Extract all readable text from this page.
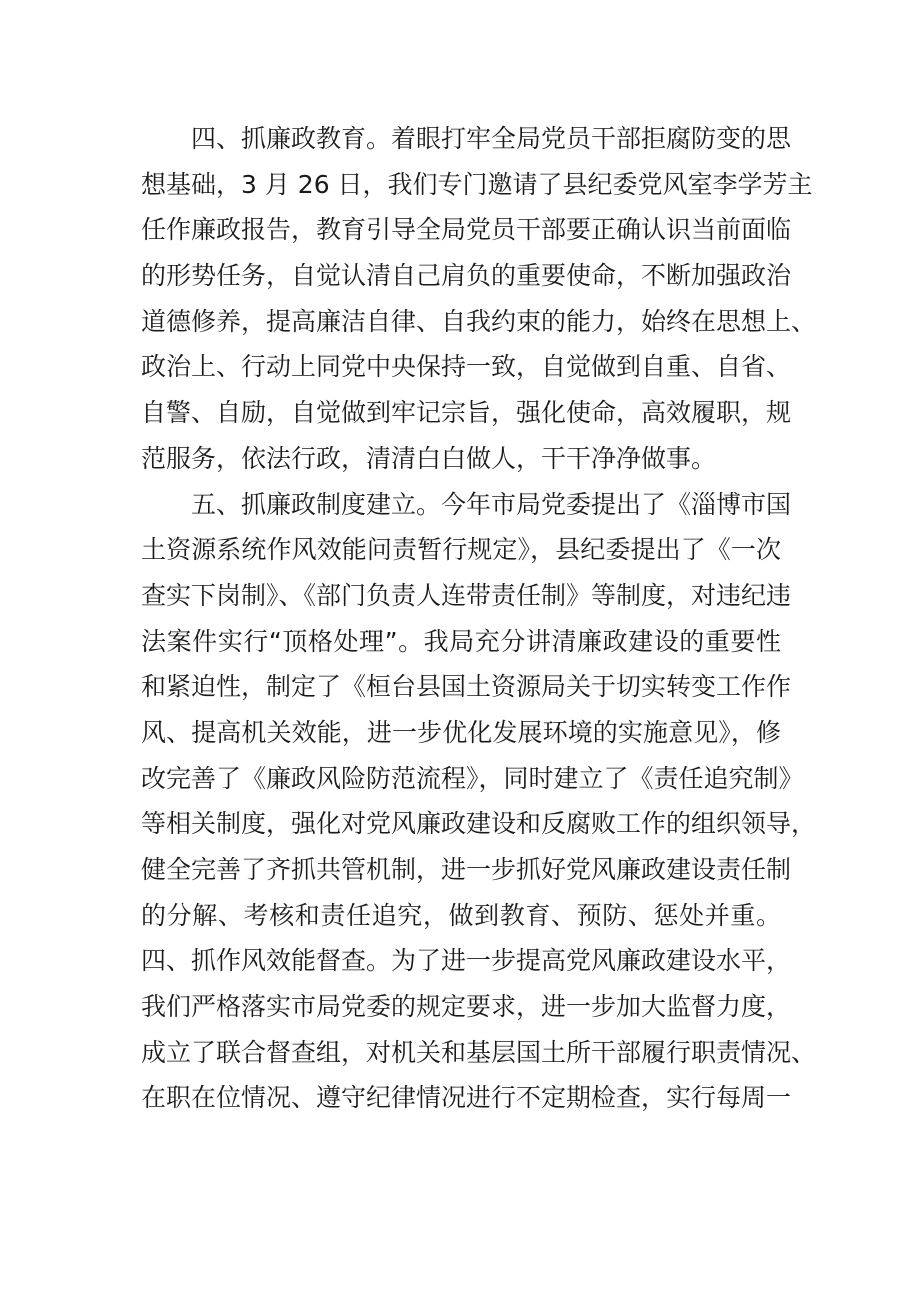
四、抓廉政教育。着眼打牢全局党员干部拒腐防变的思
想基础，3 月 26 日，我们专门邀请了县纪委党风室李学芳主
任作廉政报告，教育引导全局党员干部要正确认识当前面临
的形势任务，自觉认清自己肩负的重要使命，不断加强政治
道德修养，提高廉洁自律、自我约束的能力，始终在思想上、
政治上、行动上同党中央保持一致，自觉做到自重、自省、
自警、自励，自觉做到牢记宗旨，强化使命，高效履职，规
范服务，依法行政，清清白白做人，干干净净做事。
五、抓廉政制度建立。今年市局党委提出了《淄博市国
土资源系统作风效能问责暂行规定》，县纪委提出了《一次
查实下岗制》、《部门负责人连带责任制》等制度，对违纪违
法案件实行“顶格处理”。我局充分讲清廉政建设的重要性
和紧迫性，制定了《桓台县国土资源局关于切实转变工作作
风、提高机关效能，进一步优化发展环境的实施意见》，修
改完善了《廉政风险防范流程》，同时建立了《责任追究制》
等相关制度，强化对党风廉政建设和反腐败工作的组织领导，
健全完善了齐抓共管机制，进一步抓好党风廉政建设责任制
的分解、考核和责任追究，做到教育、预防、惩处并重。
四、抓作风效能督查。为了进一步提高党风廉政建设水平，
我们严格落实市局党委的规定要求，进一步加大监督力度，
成立了联合督查组，对机关和基层国土所干部履行职责情况、
在职在位情况、遵守纪律情况进行不定期检查，实行每周一
